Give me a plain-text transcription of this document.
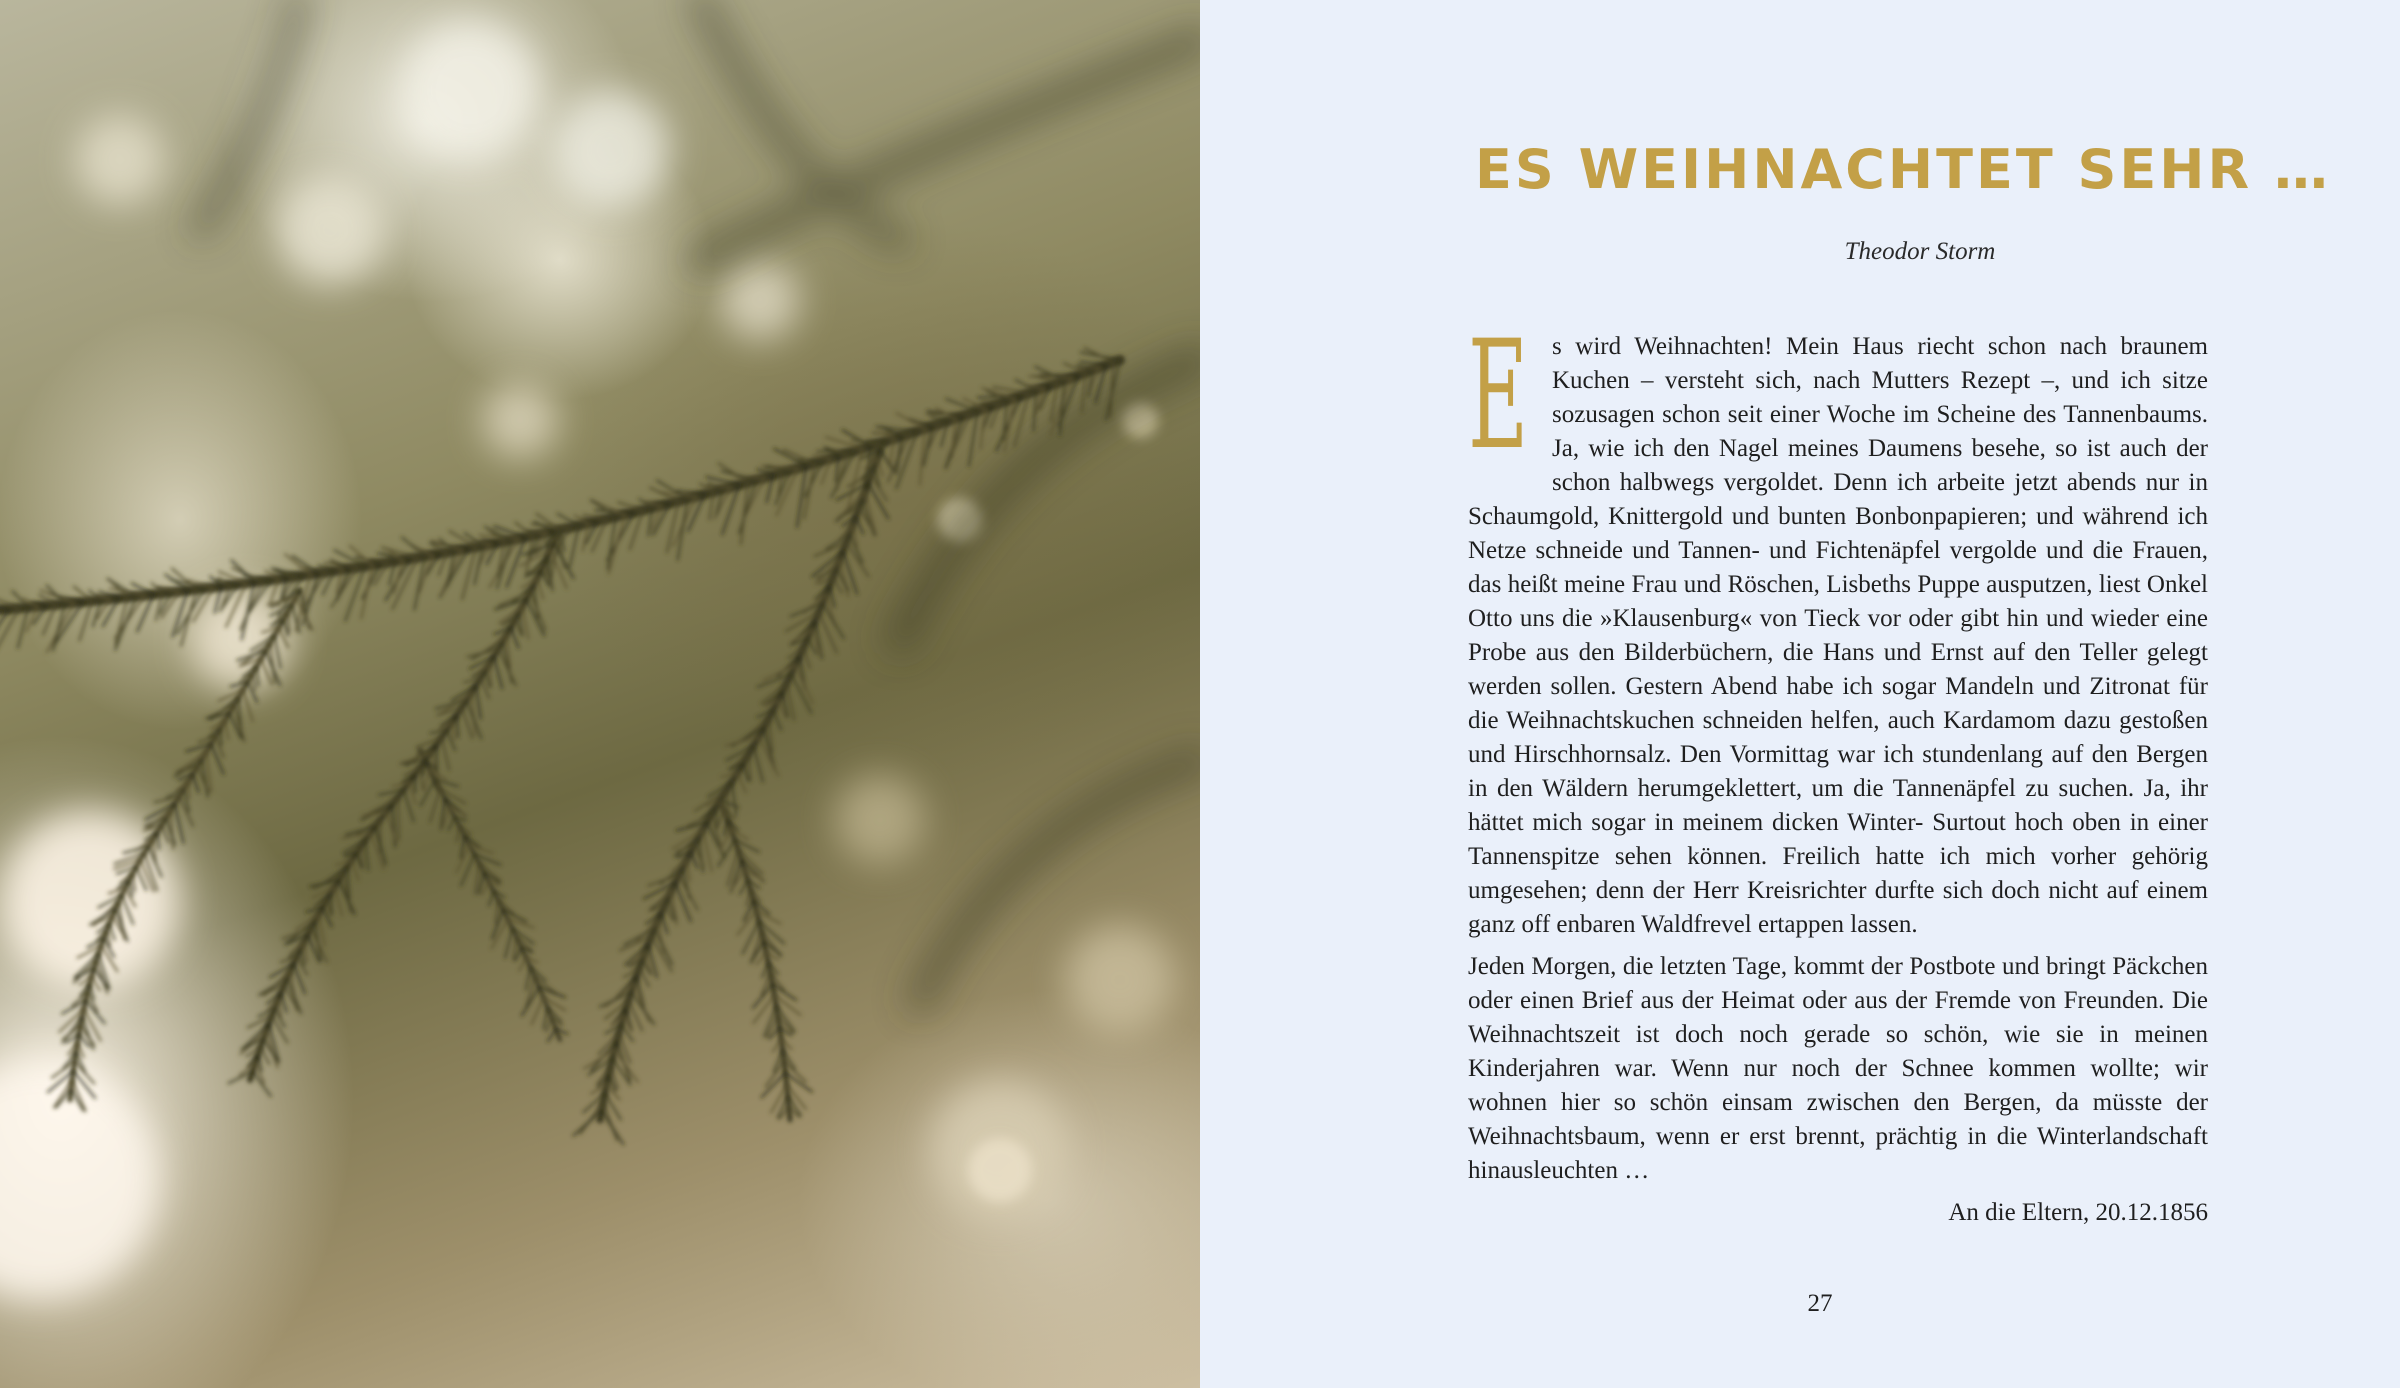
ES WEIHNACHTET SEHR …
Theodor Storm
E s wird Weihnachten! Mein Haus riecht schon nach braunem Kuchen – versteht sich, nach Mutters Rezept –, und ich sitze sozusagen schon seit einer Woche im Scheine des Tannenbaums. Ja, wie ich den Nagel meines Daumens besehe, so ist auch der schon halbwegs vergoldet. Denn ich arbeite jetzt abends nur in Schaumgold, Knittergold und bunten Bonbonpapieren; und während ich Netze schneide und Tannen- und Fichtenäpfel vergolde und die Frauen, das heißt meine Frau und Röschen, Lisbeths Puppe ausputzen, liest Onkel Otto uns die »Klausenburg« von Tieck vor oder gibt hin und wieder eine Probe aus den Bilderbüchern, die Hans und Ernst auf den Teller gelegt werden sollen. Gestern Abend habe ich sogar Mandeln und Zitronat für die Weihnachtskuchen schneiden helfen, auch Kardamom dazu gestoßen und Hirschhornsalz. Den Vormittag war ich stundenlang auf den Bergen in den Wäldern herumgeklettert, um die Tannenäpfel zu suchen. Ja, ihr hättet mich sogar in meinem dicken Winter- Surtout hoch oben in einer Tannenspitze sehen können. Freilich hatte ich mich vorher gehörig umgesehen; denn der Herr Kreisrichter durfte sich doch nicht auf einem ganz off enbaren Waldfrevel ertappen lassen.

Jeden Morgen, die letzten Tage, kommt der Postbote und bringt Päckchen oder einen Brief aus der Heimat oder aus der Fremde von Freunden. Die Weihnachtszeit ist doch noch gerade so schön, wie sie in meinen Kinderjahren war. Wenn nur noch der Schnee kommen wollte; wir wohnen hier so schön einsam zwischen den Bergen, da müsste der Weihnachtsbaum, wenn er erst brennt, prächtig in die Winterlandschaft hinausleuchten …

An die Eltern, 20.12.1856
27
